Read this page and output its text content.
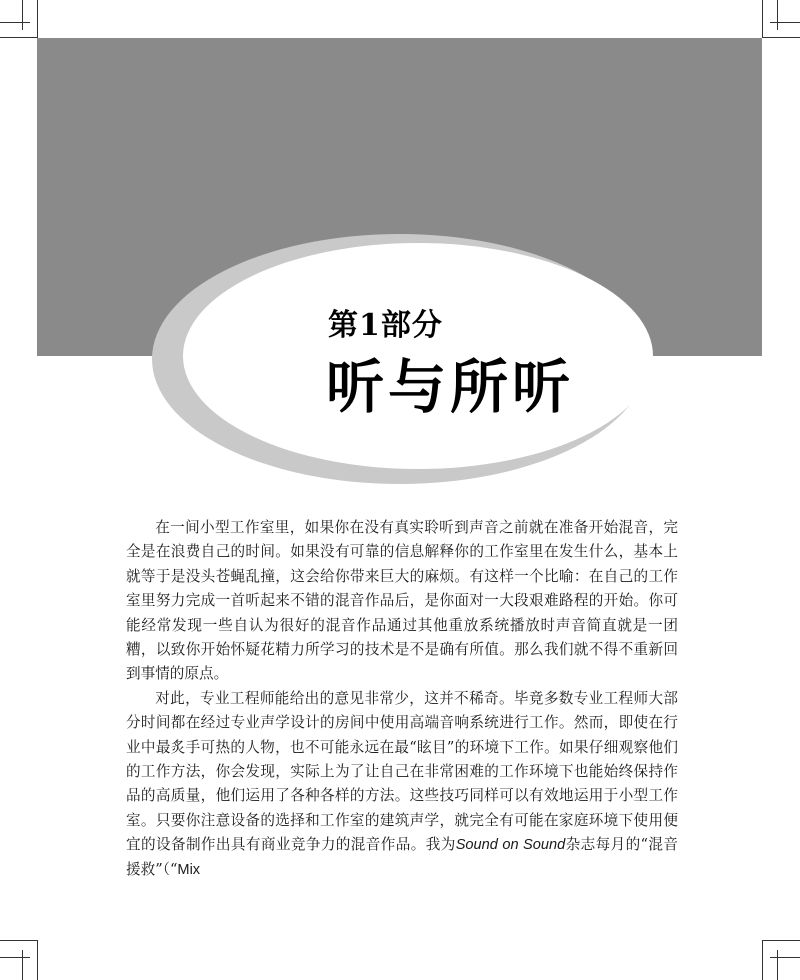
第1部分
听与所听

在一间小型工作室里，如果你在没有真实聆听到声音之前就在准备开始混音，完全是在浪费自己的时间。如果没有可靠的信息解释你的工作室里在发生什么，基本上就等于是没头苍蝇乱撞，这会给你带来巨大的麻烦。有这样一个比喻：在自己的工作室里努力完成一首听起来不错的混音作品后，是你面对一大段艰难路程的开始。你可能经常发现一些自认为很好的混音作品通过其他重放系统播放时声音简直就是一团糟，以致你开始怀疑花精力所学习的技术是不是确有所值。那么我们就不得不重新回到事情的原点。

对此，专业工程师能给出的意见非常少，这并不稀奇。毕竟多数专业工程师大部分时间都在经过专业声学设计的房间中使用高端音响系统进行工作。然而，即使在行业中最炙手可热的人物，也不可能永远在最“眩目”的环境下工作。如果仔细观察他们的工作方法，你会发现，实际上为了让自己在非常困难的工作环境下也能始终保持作品的高质量，他们运用了各种各样的方法。这些技巧同样可以有效地运用于小型工作室。只要你注意设备的选择和工作室的建筑声学，就完全有可能在家庭环境下使用便宜的设备制作出具有商业竞争力的混音作品。我为Sound on Sound杂志每月的“混音援救”（“Mix
